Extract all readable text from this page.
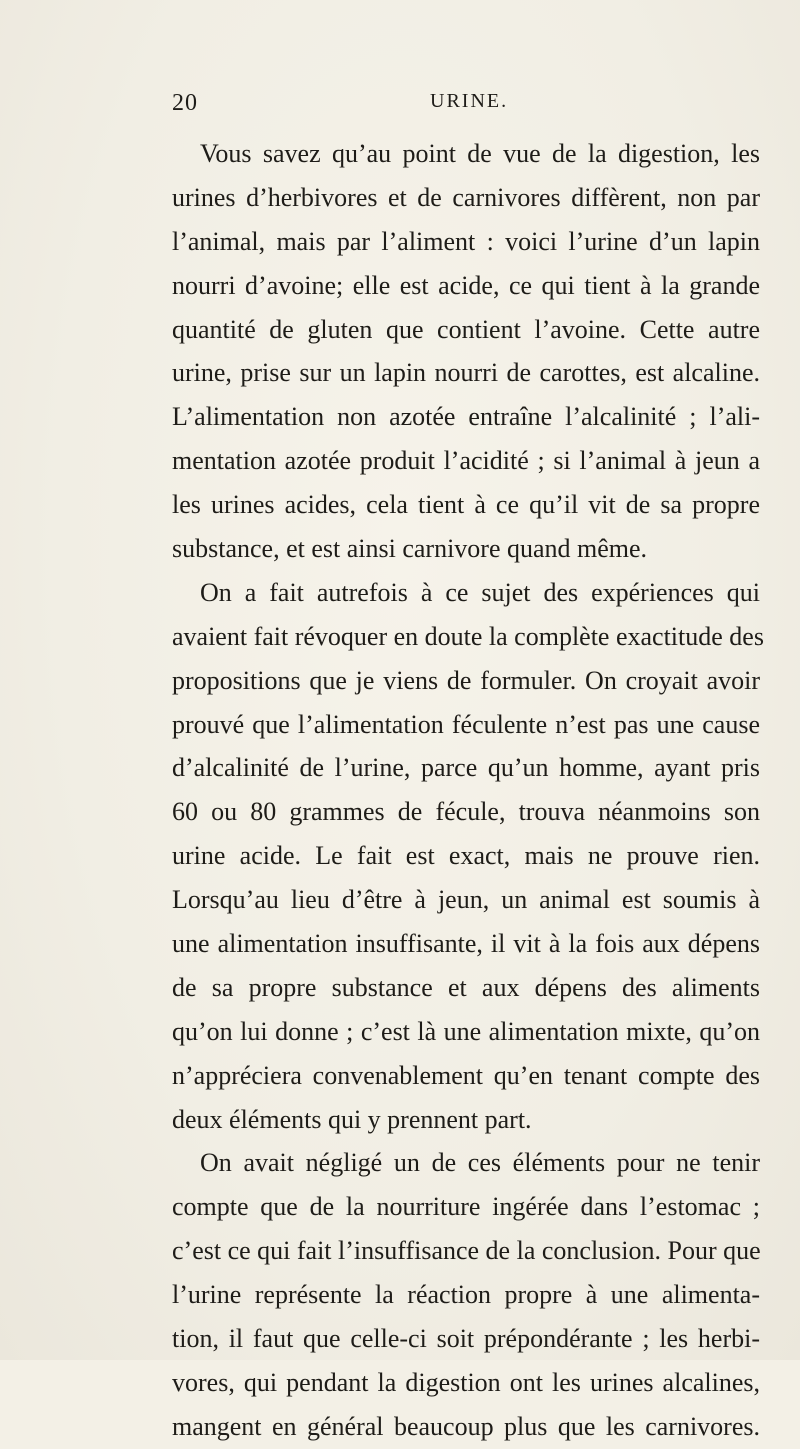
20	URINE.
Vous savez qu’au point de vue de la digestion, les
urines d’herbivores et de carnivores diffèrent, non par
l’animal, mais par l’aliment : voici l’urine d’un lapin
nourri d’avoine; elle est acide, ce qui tient à la grande
quantité de gluten que contient l’avoine. Cette autre
urine, prise sur un lapin nourri de carottes, est alcaline.
L’alimentation non azotée entraîne l’alcalinité ; l’ali-
mentation azotée produit l’acidité ; si l’animal à jeun a
les urines acides, cela tient à ce qu’il vit de sa propre
substance, et est ainsi carnivore quand même.
On a fait autrefois à ce sujet des expériences qui
avaient fait révoquer en doute la complète exactitude des
propositions que je viens de formuler. On croyait avoir
prouvé que l’alimentation féculente n’est pas une cause
d’alcalinité de l’urine, parce qu’un homme, ayant pris
60 ou 80 grammes de fécule, trouva néanmoins son
urine acide. Le fait est exact, mais ne prouve rien.
Lorsqu’au lieu d’être à jeun, un animal est soumis à
une alimentation insuffisante, il vit à la fois aux dépens
de sa propre substance et aux dépens des aliments
qu’on lui donne ; c’est là une alimentation mixte, qu’on
n’appréciera convenablement qu’en tenant compte des
deux éléments qui y prennent part.
On avait négligé un de ces éléments pour ne tenir
compte que de la nourriture ingérée dans l’estomac ;
c’est ce qui fait l’insuffisance de la conclusion. Pour que
l’urine représente la réaction propre à une alimenta-
tion, il faut que celle-ci soit prépondérante ; les herbi-
vores, qui pendant la digestion ont les urines alcalines,
mangent en général beaucoup plus que les carnivores.
